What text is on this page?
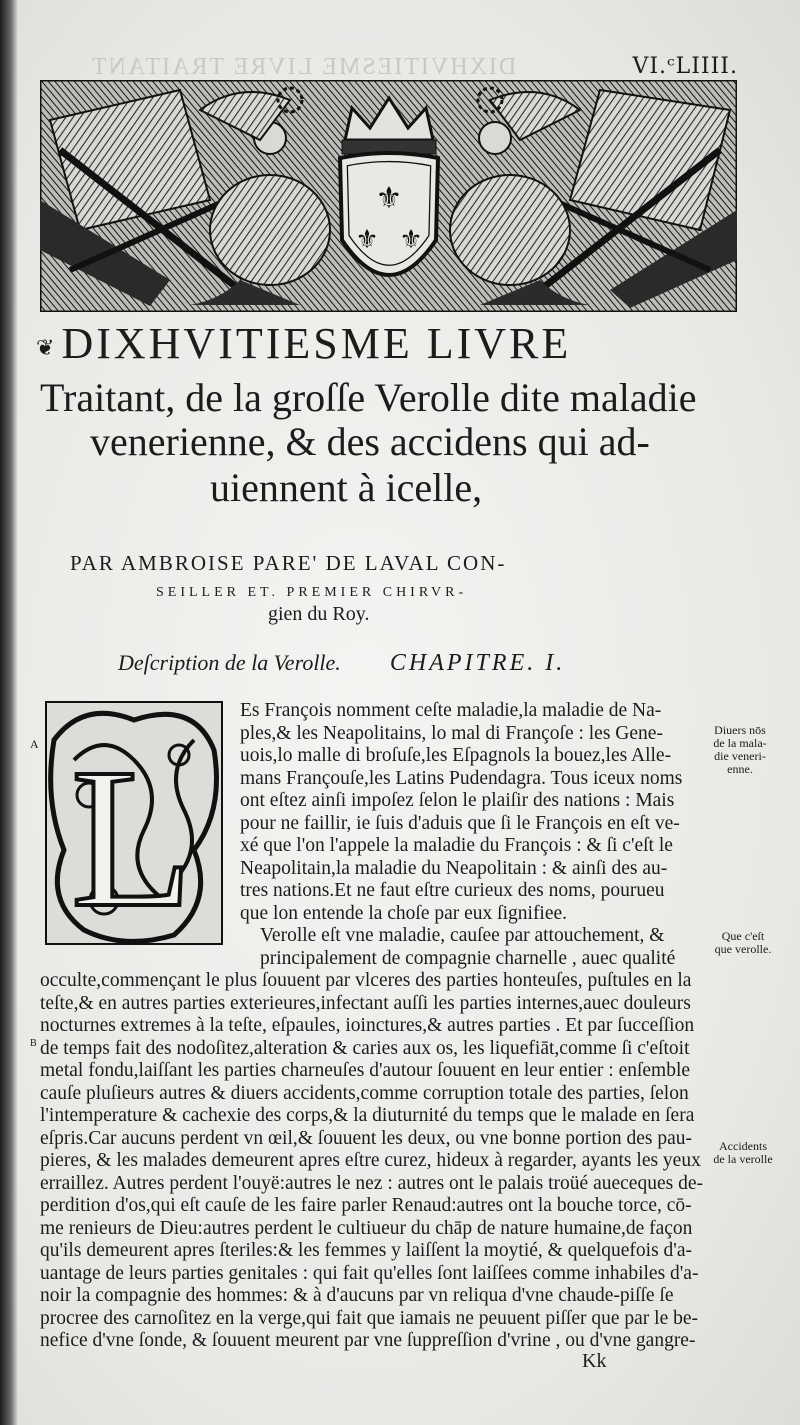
DIXHVITIESME LIVRE TRAITANT	VI.ᶜLIIII.
⚜
⚜ ⚜
❦DIXHVITIESME LIVRE
Traitant, de la groſſe Verolle dite maladie
venerienne, & des accidens qui ad-
uiennent à icelle,
PAR AMBROISE PARE' DE LAVAL CON-
SEILLER ET. PREMIER CHIRVR-
gien du Roy.
Deſcription de la Verolle. CHAPITRE. I.
L
Es François nomment ceſte maladie,la maladie de Na-
ples,& les Neapolitains, lo mal di Françoſe : les Gene-
uois,lo malle di broſuſe,les Eſpagnols la bouez,les Alle-
mans Françouſe,les Latins Pudendagra. Tous iceux noms
ont eſtez ainſi impoſez ſelon le plaiſir des nations : Mais
pour ne faillir, ie ſuis d'aduis que ſi le François en eſt ve-
xé que l'on l'appele la maladie du François : & ſi c'eſt le
Neapolitain,la maladie du Neapolitain : & ainſi des au-
tres nations.Et ne faut eſtre curieux des noms, pourueu
que lon entende la choſe par eux ſignifiee.
Verolle eſt vne maladie, cauſee par attouchement, &
principalement de compagnie charnelle , auec qualité
occulte,commençant le plus ſouuent par vlceres des parties honteuſes, puſtules en la
teſte,& en autres parties exterieures,infectant auſſi les parties internes,auec douleurs
nocturnes extremes à la teſte, eſpaules, ioinctures,& autres parties . Et par ſucceſſion
de temps fait des nodoſitez,alteration & caries aux os, les liquefiāt,comme ſi c'eſtoit
metal fondu,laiſſant les parties charneuſes d'autour ſouuent en leur entier : enſemble
cauſe pluſieurs autres & diuers accidents,comme corruption totale des parties, ſelon
l'intemperature & cachexie des corps,& la diuturnité du temps que le malade en ſera
eſpris.Car aucuns perdent vn œil,& ſouuent les deux, ou vne bonne portion des pau-
pieres, & les malades demeurent apres eſtre curez, hideux à regarder, ayants les yeux
erraillez. Autres perdent l'ouyë:autres le nez : autres ont le palais troüé aueceques de-
perdition d'os,qui eſt cauſe de les faire parler Renaud:autres ont la bouche torce, cō-
me renieurs de Dieu:autres perdent le cultiueur du chāp de nature humaine,de façon
qu'ils demeurent apres ſteriles:& les femmes y laiſſent la moytié, & quelquefois d'a-
uantage de leurs parties genitales : qui fait qu'elles ſont laiſſees comme inhabiles d'a-
noir la compagnie des hommes: & à d'aucuns par vn reliqua d'vne chaude-piſſe ſe
procree des carnoſitez en la verge,qui fait que iamais ne peuuent piſſer que par le be-
nefice d'vne ſonde, & ſouuent meurent par vne ſuppreſſion d'vrine , ou d'vne gangre-
Diuers nōs
de la mala-
die veneri-
enne.
Que c'eſt
que verolle.
Accidents
de la verolle
A
B
Kk
